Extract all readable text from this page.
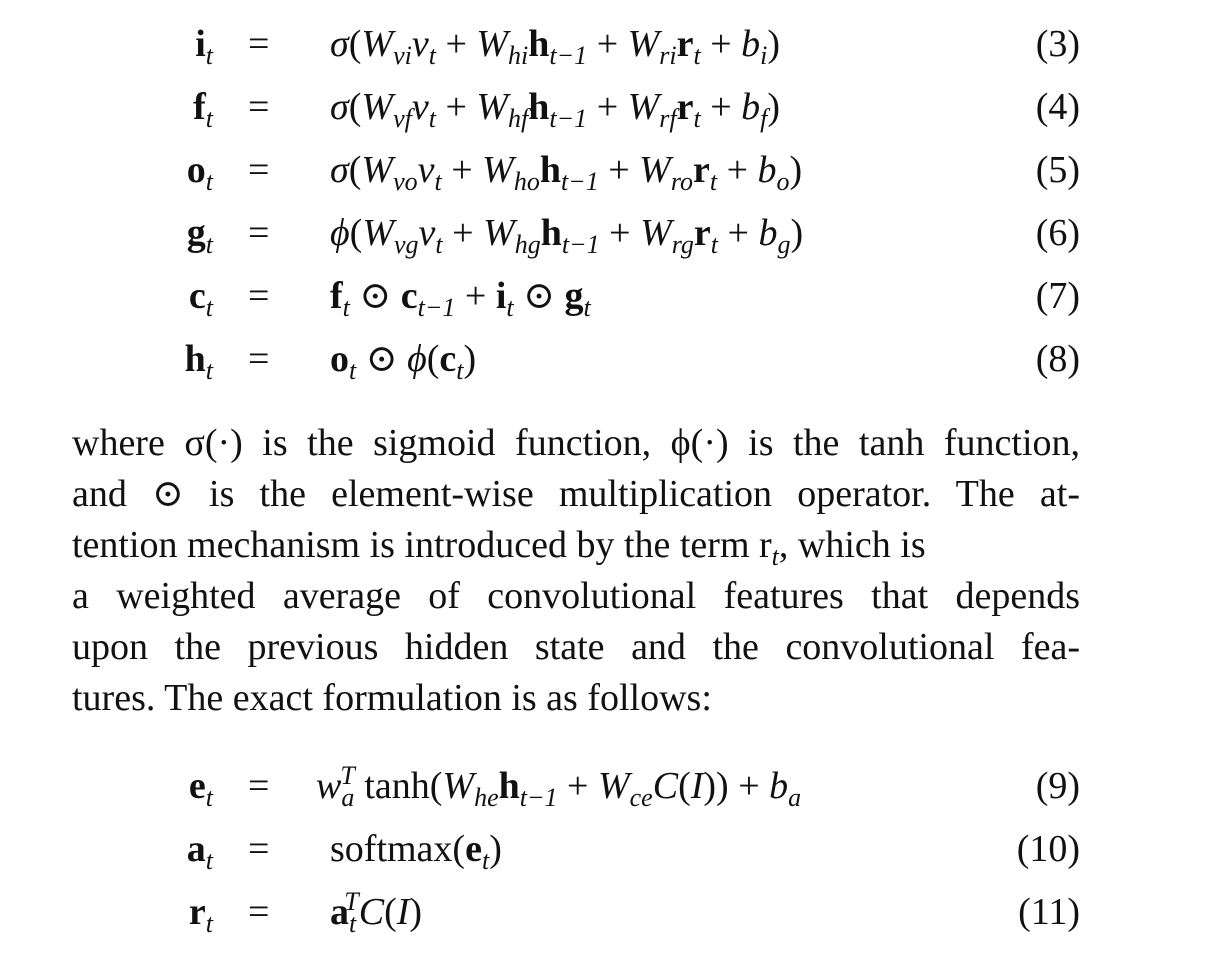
$i_t = \sigma(W_{vi}v_t + W_{hi}h_{t-1} + W_{ri}r_t + b_i)$	(3)
$f_t = \sigma(W_{vf}v_t + W_{hf}h_{t-1} + W_{rf}r_t + b_f)$	(4)
$o_t = \sigma(W_{vo}v_t + W_{ho}h_{t-1} + W_{ro}r_t + b_o)$	(5)
$g_t = \phi(W_{vg}v_t + W_{hg}h_{t-1} + W_{rg}r_t + b_g)$	(6)
$c_t = f_t$ ⊙ $c_{t-1} + i_t$ ⊙ $g_t$	(7)
$h_t = o_t$ ⊙ $\phi(c_t)$	(8)
where σ(·) is the sigmoid function, ϕ(·) is the tanh function,
and ⊙ is the element-wise multiplication operator. The at-
tention mechanism is introduced by the term $r_t$, which is
a weighted average of convolutional features that depends
upon the previous hidden state and the convolutional fea-
tures. The exact formulation is as follows:
$e_t = w_a^T$ $\tanh(W_{he}h_{t-1} + W_{ce}C(I)) + b_a$	(9)
$a_t$ = $softmax(e_t)$	(10)
$r_t = a_t^TC(I)$	(11)
